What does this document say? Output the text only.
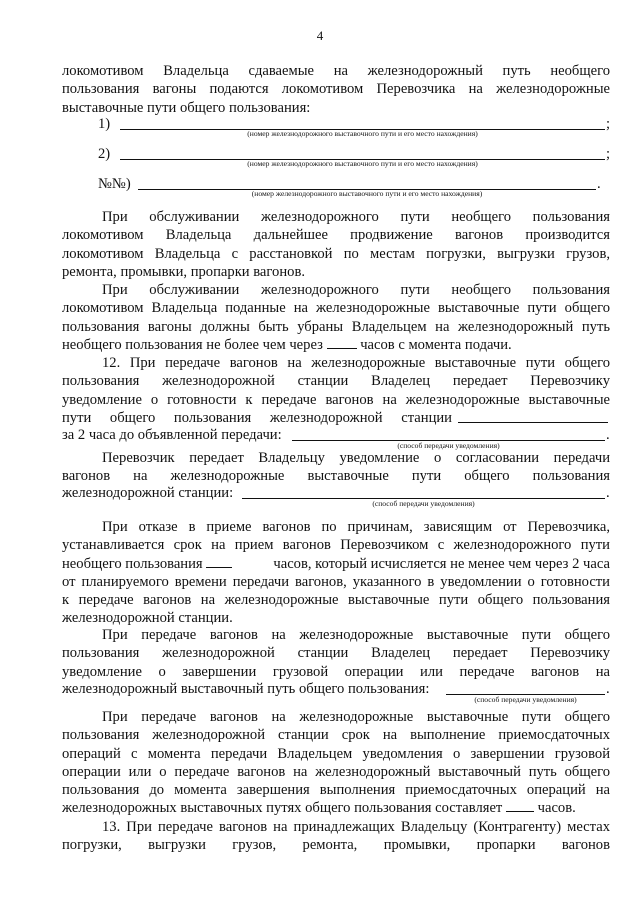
4
локомотивом Владельца сдаваемые на железнодорожный путь необщего
пользования вагоны подаются локомотивом Перевозчика на железнодорожные
выставочные пути общего пользования:
1)	;
(номер железнодорожного выставочного пути и его место нахождения)
2)	;
(номер железнодорожного выставочного пути и его место нахождения)
№№)	.
(номер железнодорожного выставочного пути и его место нахождения)
При обслуживании железнодорожного пути необщего пользования
локомотивом Владельца дальнейшее продвижение вагонов производится
локомотивом Владельца с расстановкой по местам погрузки, выгрузки грузов,
ремонта, промывки, пропарки вагонов.
При обслуживании железнодорожного пути необщего пользования
локомотивом Владельца поданные на железнодорожные выставочные пути общего
пользования вагоны должны быть убраны Владельцем на железнодорожный путь
необщего пользования не более чем через	часов с момента подачи.
12. При передаче вагонов на железнодорожные выставочные пути общего
пользования железнодорожной станции Владелец передает Перевозчику
уведомление о готовности к передаче вагонов на железнодорожные выставочные
пути общего пользования железнодорожной станции
за 2 часа до объявленной передачи:	.
(способ передачи уведомления)
Перевозчик передает Владельцу уведомление о согласовании передачи
вагонов на железнодорожные выставочные пути общего пользования
железнодорожной станции:	.
(способ передачи уведомления)
При отказе в приеме вагонов по причинам, зависящим от Перевозчика,
устанавливается срок на прием вагонов Перевозчиком с железнодорожного пути
необщего пользования	часов, который исчисляется не менее чем через 2 часа
от планируемого времени передачи вагонов, указанного в уведомлении о готовности
к передаче вагонов на железнодорожные выставочные пути общего пользования
железнодорожной станции.
При передаче вагонов на железнодорожные выставочные пути общего
пользования железнодорожной станции Владелец передает Перевозчику
уведомление о завершении грузовой операции или передаче вагонов на
железнодорожный выставочный путь общего пользования:	.
(способ передачи уведомления)
При передаче вагонов на железнодорожные выставочные пути общего
пользования железнодорожной станции срок на выполнение приемосдаточных
операций с момента передачи Владельцем уведомления о завершении грузовой
операции или о передаче вагонов на железнодорожный выставочный путь общего
пользования до момента завершения выполнения приемосдаточных операций на
железнодорожных выставочных путях общего пользования составляет часов.
13. При передаче вагонов на принадлежащих Владельцу (Контрагенту) местах
погрузки, выгрузки грузов, ремонта, промывки, пропарки вагонов
